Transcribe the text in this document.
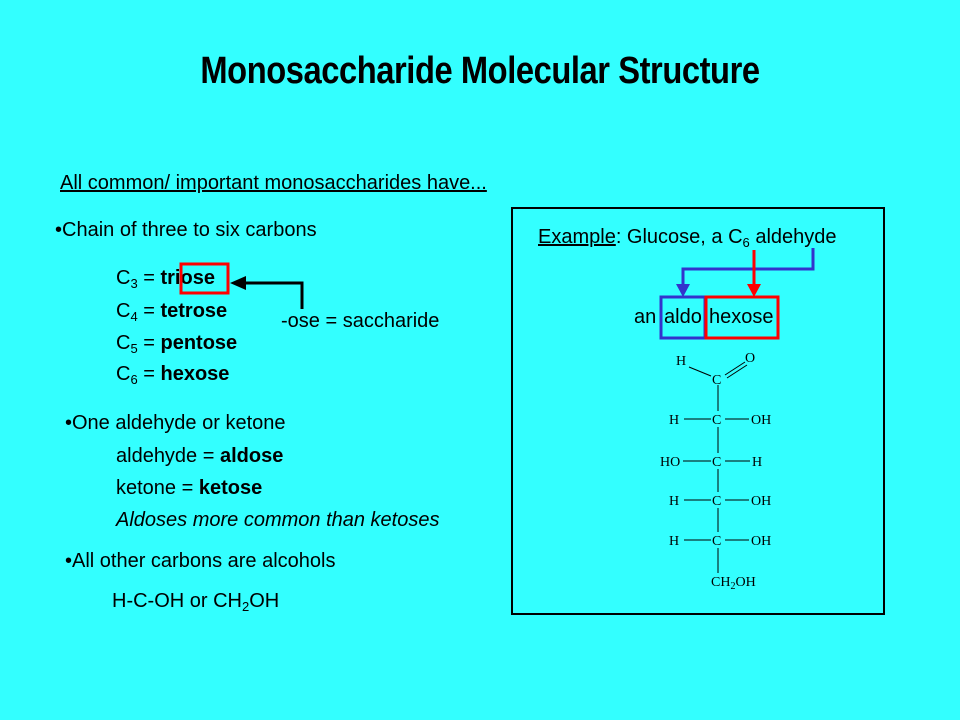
Monosaccharide Molecular Structure
All common/ important monosaccharides have...
•Chain of three to six carbons
$C_3$ = triose
$C_4$ = tetrose
$C_5$ = pentose
$C_6$ = hexose
-ose = saccharide
•One aldehyde or ketone
aldehyde = aldose
ketone = ketose
Aldoses more common than ketoses
•All other carbons are alcohols
H-C-OH or $CH_2OH$
Example: Glucose, a $C_6$ aldehyde
an aldo hexose
H	O
C
H C OH
HO C H
H C OH
H C OH
$CH_2OH$
